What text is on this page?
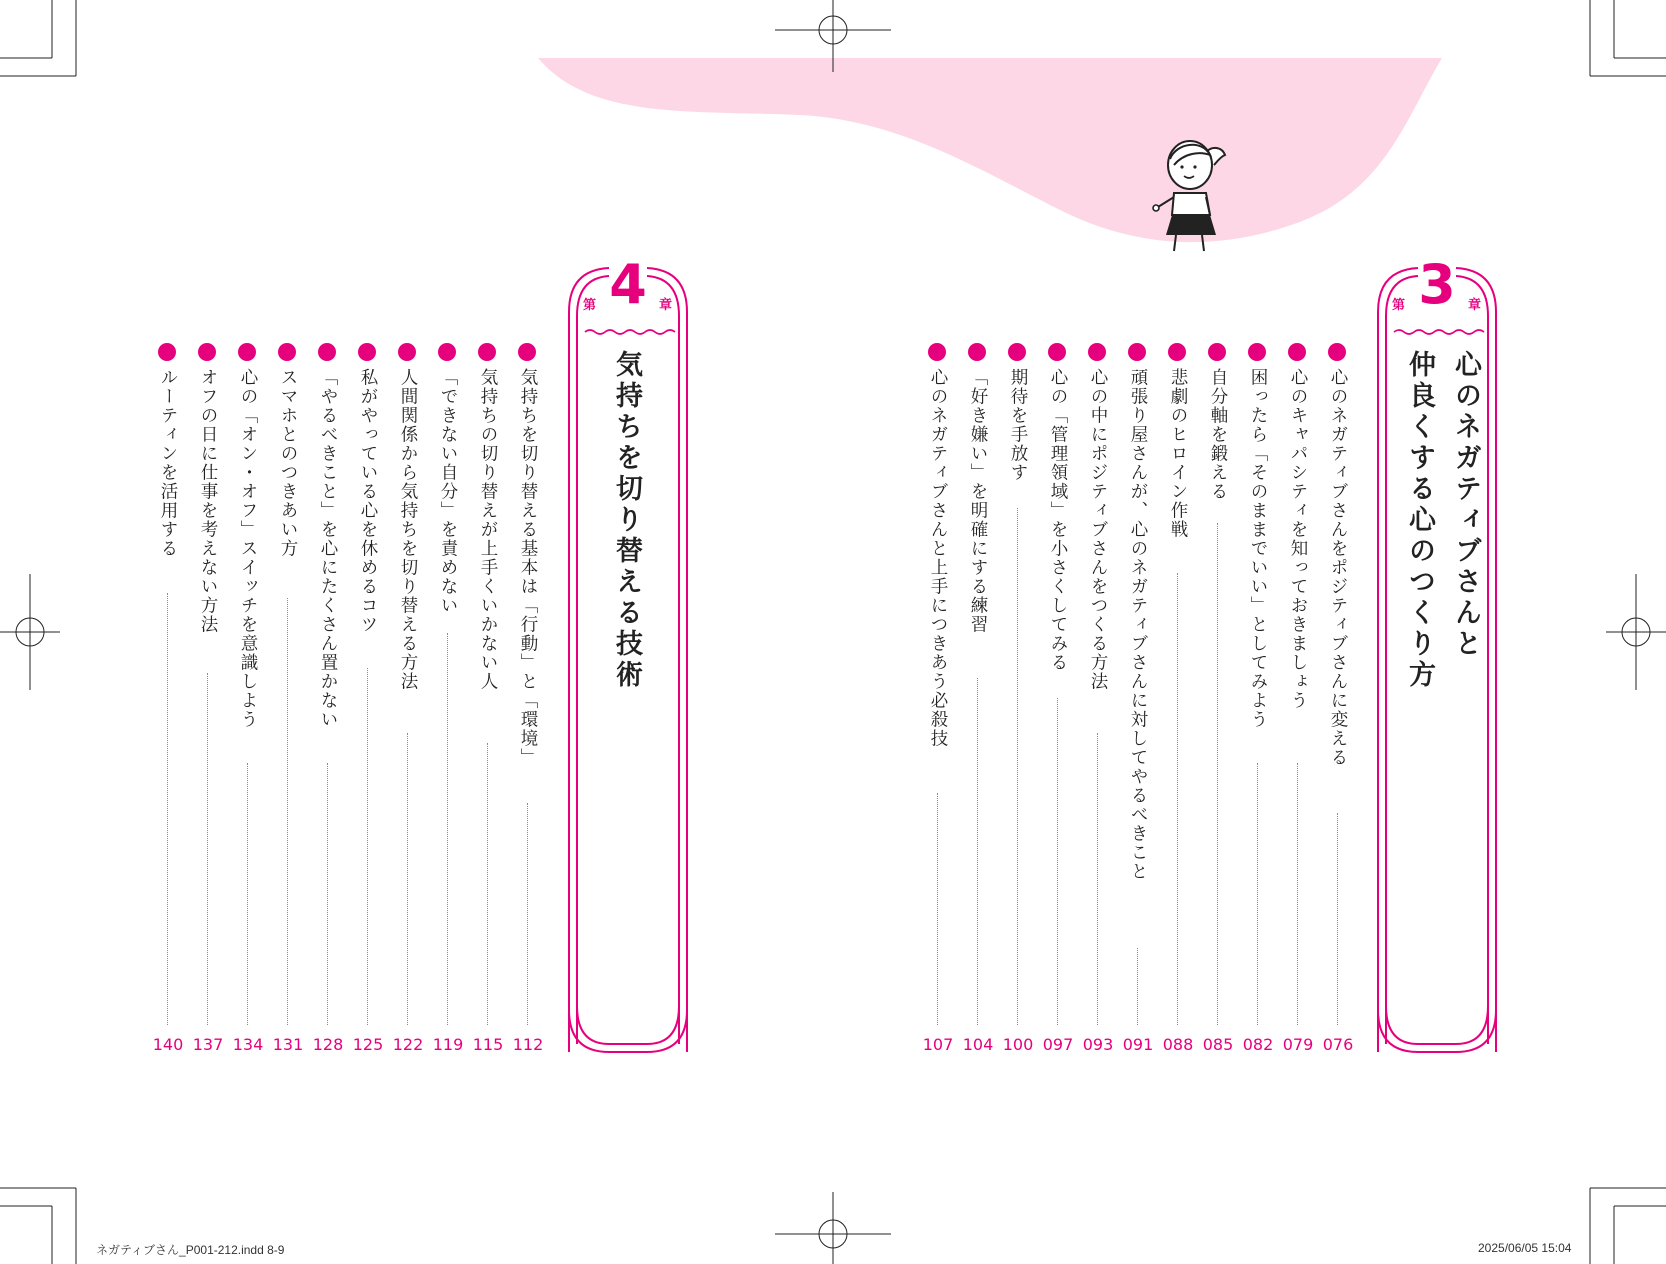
第 4 章
気持ちを切り替える技術
第 3 章
心のネガティブさんと
仲良くする心のつくり方
気持ちを切り替える基本は「行動」と「環境」
112
気持ちの切り替えが上手くいかない人
115
「できない自分」を責めない
119
人間関係から気持ちを切り替える方法
122
私がやっている心を休めるコツ
125
「やるべきこと」を心にたくさん置かない
128
スマホとのつきあい方
131
心の「オン・オフ」スイッチを意識しよう
134
オフの日に仕事を考えない方法
137
ルーティンを活用する
140
心のネガティブさんをポジティブさんに変える
076
心のキャパシティを知っておきましょう
079
困ったら「そのままでいい」としてみよう
082
自分軸を鍛える
085
悲劇のヒロイン作戦
088
頑張り屋さんが、心のネガティブさんに対してやるべきこと
091
心の中にポジティブさんをつくる方法
093
心の「管理領域」を小さくしてみる
097
期待を手放す
100
「好き嫌い」を明確にする練習
104
心のネガティブさんと上手につきあう必殺技
107
ネガティブさん_P001-212.indd 8-9	2025/06/05 15:04
